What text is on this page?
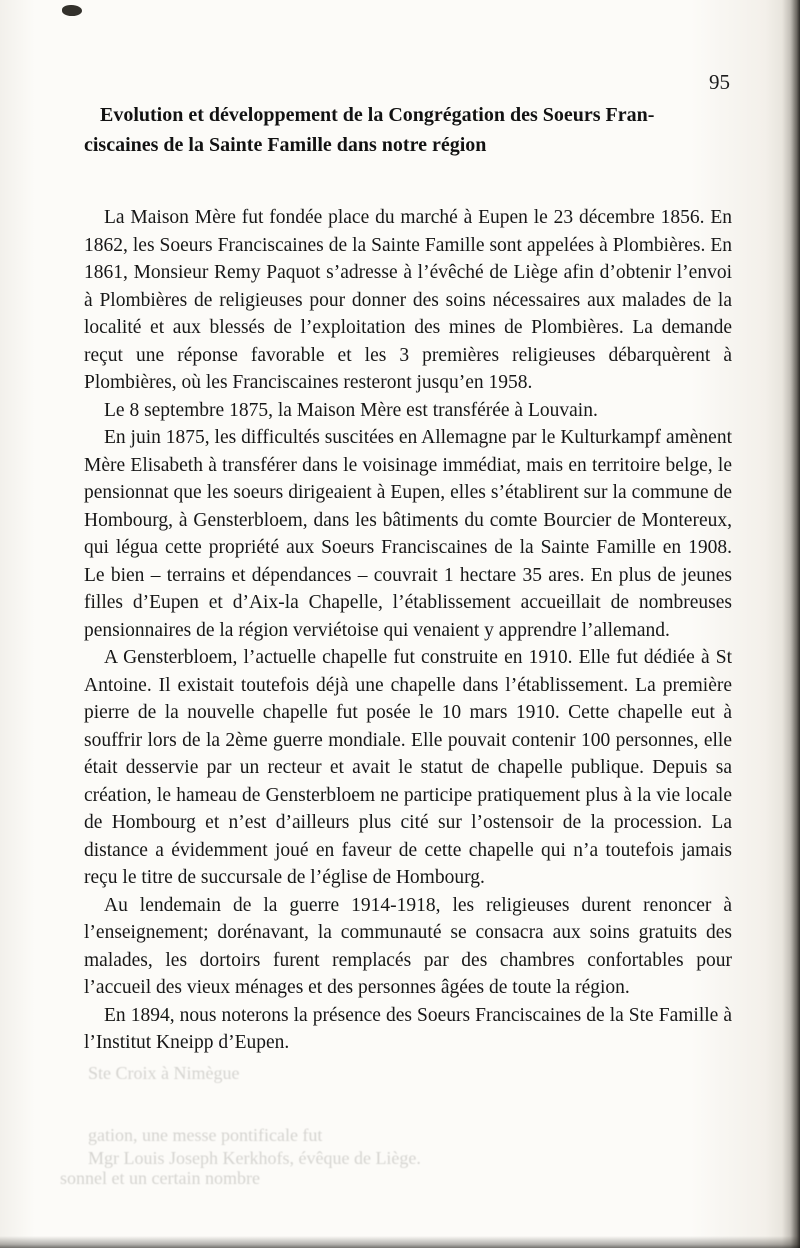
Ste Croix à Nimègue
gation, une messe pontificale fut
Mgr Louis Joseph Kerkhofs, évêque de Liège.
sonnel et un certain nombre
95
Evolution et développement de la Congrégation des Soeurs Fran-
ciscaines de la Sainte Famille dans notre région

La Maison Mère fut fondée place du marché à Eupen le 23 décembre 1856. En 1862, les Soeurs Franciscaines de la Sainte Famille sont appelées à Plombières. En 1861, Monsieur Remy Paquot s’adresse à l’évêché de Liège afin d’obtenir l’envoi à Plombières de religieuses pour donner des soins nécessaires aux malades de la localité et aux blessés de l’exploitation des mines de Plombières. La demande reçut une réponse favorable et les 3 premières religieuses débarquèrent à Plombières, où les Franciscaines resteront jusqu’en 1958.

Le 8 septembre 1875, la Maison Mère est transférée à Louvain.

En juin 1875, les difficultés suscitées en Allemagne par le Kulturkampf amènent Mère Elisabeth à transférer dans le voisinage immédiat, mais en territoire belge, le pensionnat que les soeurs dirigeaient à Eupen, elles s’établirent sur la commune de Hombourg, à Gensterbloem, dans les bâtiments du comte Bourcier de Montereux, qui légua cette propriété aux Soeurs Franciscaines de la Sainte Famille en 1908. Le bien – terrains et dépendances – couvrait 1 hectare 35 ares. En plus de jeunes filles d’Eupen et d’Aix-la Chapelle, l’établissement accueillait de nombreuses pensionnaires de la région verviétoise qui venaient y apprendre l’allemand.

A Gensterbloem, l’actuelle chapelle fut construite en 1910. Elle fut dédiée à St Antoine. Il existait toutefois déjà une chapelle dans l’établissement. La première pierre de la nouvelle chapelle fut posée le 10 mars 1910. Cette chapelle eut à souffrir lors de la 2ème guerre mondiale. Elle pouvait contenir 100 personnes, elle était desservie par un recteur et avait le statut de chapelle publique. Depuis sa création, le hameau de Gensterbloem ne participe pratiquement plus à la vie locale de Hombourg et n’est d’ailleurs plus cité sur l’ostensoir de la procession. La distance a évidemment joué en faveur de cette chapelle qui n’a toutefois jamais reçu le titre de succursale de l’église de Hombourg.

Au lendemain de la guerre 1914-1918, les religieuses durent renoncer à l’enseignement; dorénavant, la communauté se consacra aux soins gratuits des malades, les dortoirs furent remplacés par des chambres confortables pour l’accueil des vieux ménages et des personnes âgées de toute la région.

En 1894, nous noterons la présence des Soeurs Franciscaines de la Ste Famille à l’Institut Kneipp d’Eupen.
